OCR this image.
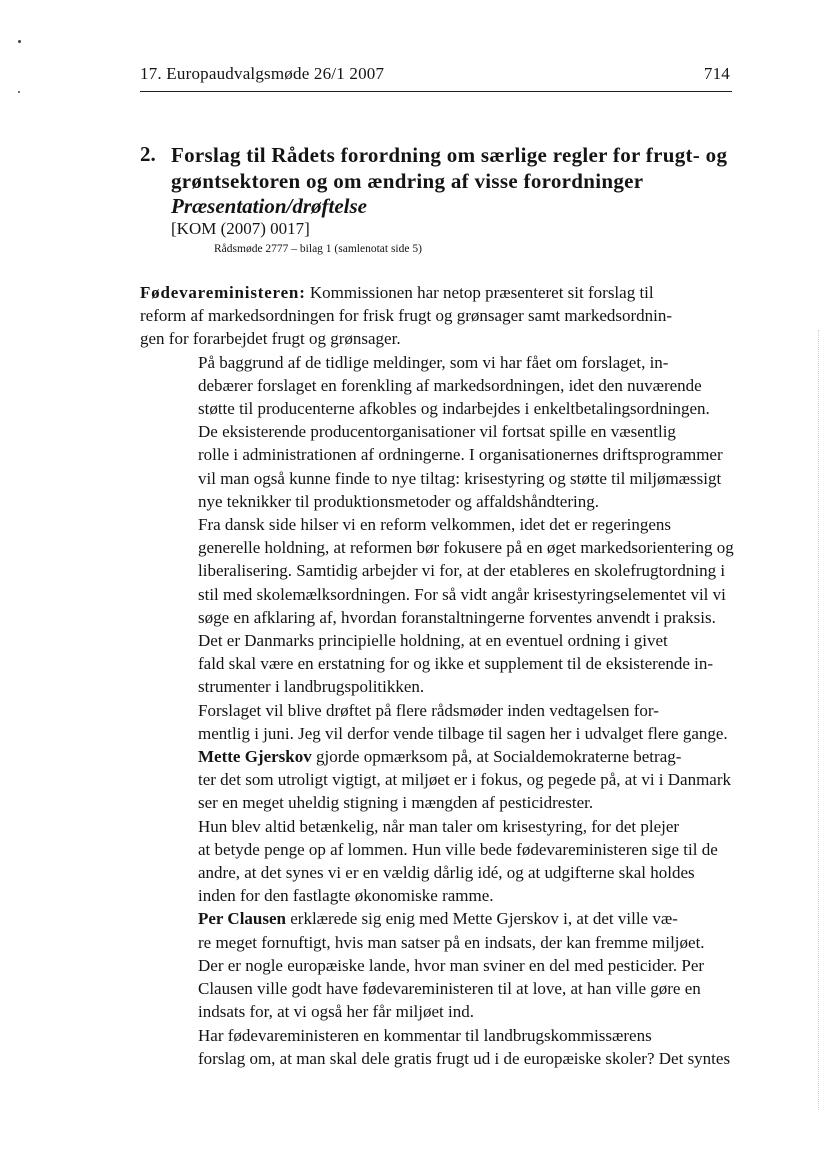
17. Europaudvalgsmøde 26/1 2007	714
2. Forslag til Rådets forordning om særlige regler for frugt- og
grøntsektoren og om ændring af visse forordninger
Præsentation/drøftelse
[KOM (2007) 0017]
Rådsmøde 2777 – bilag 1 (samlenotat side 5)

Fødevareministeren: Kommissionen har netop præsenteret sit forslag til
reform af markedsordningen for frisk frugt og grønsager samt markedsordnin-
gen for forarbejdet frugt og grønsager.

På baggrund af de tidlige meldinger, som vi har fået om forslaget, in-
debærer forslaget en forenkling af markedsordningen, idet den nuværende
støtte til producenterne afkobles og indarbejdes i enkeltbetalingsordningen.

De eksisterende producentorganisationer vil fortsat spille en væsentlig
rolle i administrationen af ordningerne. I organisationernes driftsprogrammer
vil man også kunne finde to nye tiltag: krisestyring og støtte til miljømæssigt
nye teknikker til produktionsmetoder og affaldshåndtering.

Fra dansk side hilser vi en reform velkommen, idet det er regeringens
generelle holdning, at reformen bør fokusere på en øget markedsorientering og
liberalisering. Samtidig arbejder vi for, at der etableres en skolefrugtordning i
stil med skolemælksordningen. For så vidt angår krisestyringselementet vil vi
søge en afklaring af, hvordan foranstaltningerne forventes anvendt i praksis.

Det er Danmarks principielle holdning, at en eventuel ordning i givet
fald skal være en erstatning for og ikke et supplement til de eksisterende in-
strumenter i landbrugspolitikken.

Forslaget vil blive drøftet på flere rådsmøder inden vedtagelsen for-
mentlig i juni. Jeg vil derfor vende tilbage til sagen her i udvalget flere gange.

Mette Gjerskov gjorde opmærksom på, at Socialdemokraterne betrag-
ter det som utroligt vigtigt, at miljøet er i fokus, og pegede på, at vi i Danmark
ser en meget uheldig stigning i mængden af pesticidrester.

Hun blev altid betænkelig, når man taler om krisestyring, for det plejer
at betyde penge op af lommen. Hun ville bede fødevareministeren sige til de
andre, at det synes vi er en vældig dårlig idé, og at udgifterne skal holdes
inden for den fastlagte økonomiske ramme.

Per Clausen erklærede sig enig med Mette Gjerskov i, at det ville væ-
re meget fornuftigt, hvis man satser på en indsats, der kan fremme miljøet.
Der er nogle europæiske lande, hvor man sviner en del med pesticider. Per
Clausen ville godt have fødevareministeren til at love, at han ville gøre en
indsats for, at vi også her får miljøet ind.

Har fødevareministeren en kommentar til landbrugskommissærens
forslag om, at man skal dele gratis frugt ud i de europæiske skoler? Det syntes
